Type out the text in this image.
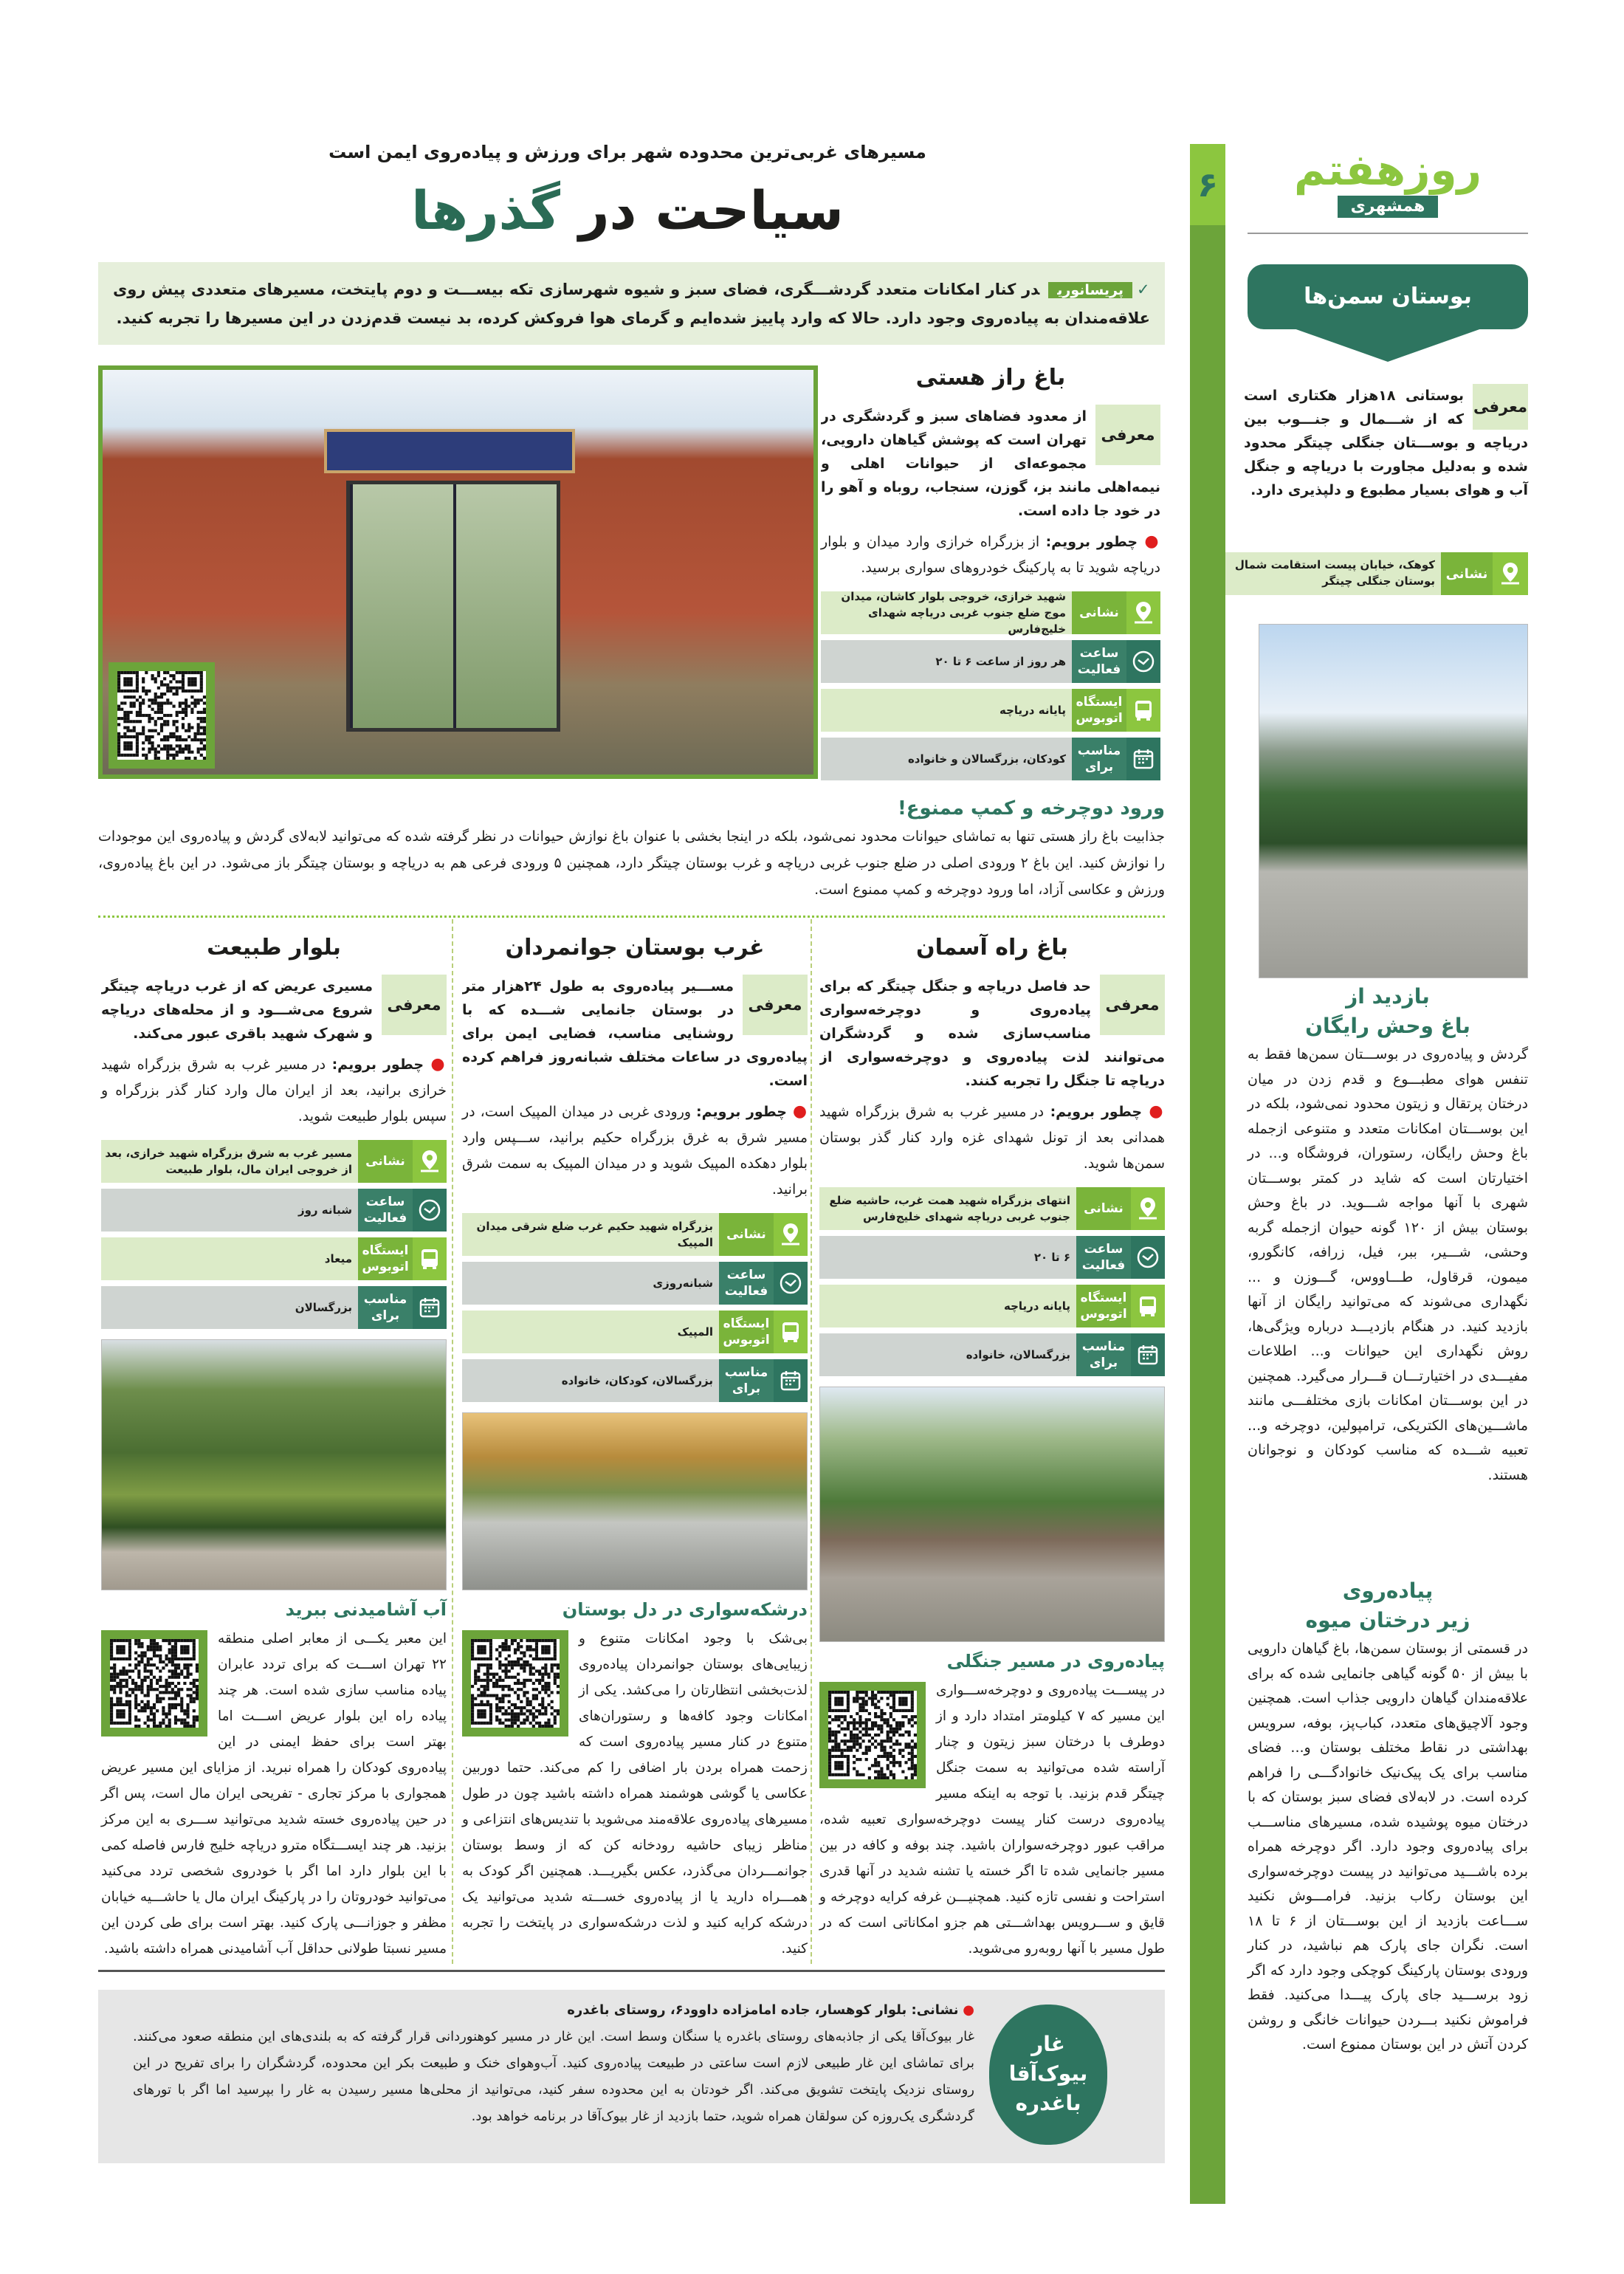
۶	روزهفتم
همشهری
بوستان سمن‌ها
معرفی
بوستانی ۱۸هزار هکتاری است که از شـــمال و جنـــوب بین دریاچه و بوســـتان جنگلی چیتگر محدود شده و به‌دلیل مجاورت با دریاچه و جنگل آب و هوای بسیار مطبوع و دلپذیری دارد.
نشانی
کوهک، خیابان پیست استقامت شمال بوستان جنگلی چیتگر
بازدید از
باغ وحش رایگان
گردش و پیاده‌روی در بوســـتان سمن‌ها فقط به تنفس هوای مطبـــوع و قدم زدن در میان درختان پرتقال و زیتون محدود نمی‌شود، بلکه در این بوســـتان امکانات متعدد و متنوعی ازجمله باغ وحش رایگان، رستوران، فروشگاه و... در اختیارتان است که شاید در کمتر بوســـتان شهری با آنها مواجه شـــوید. در باغ وحش بوستان بیش از ۱۲۰ گونه حیوان ازجمله گربه وحشی، شـــیر، ببر، فیل، زرافه، کانگورو، میمون، قرقاول، طـــاووس، گـــوزن و ... نگهداری می‌شوند که می‌توانید رایگان از آنها بازدید کنید. در هنگام بازدیـــد درباره ویژگی‌ها، روش نگهداری این حیوانات و... اطلاعات مفیـــدی در اختیارتـــان قـــرار می‌گیرد. همچنین در این بوســـتان امکانات بازی مختلفـــی مانند ماشـــین‌های الکتریکی، ترامپولین، دوچرخه و... تعبیه شـــده که مناسب کودکان و نوجوانان هستند.
پیاده‌روی
زیر درختان میوه
در قسمتی از بوستان سمن‌ها، باغ گیاهان دارویی با بیش از ۵۰ گونه گیاهی جانمایی شده که برای علاقه‌مندان گیاهان دارویی جذاب است. همچنین وجود آلاچیق‌های متعدد، کباب‌پز، بوفه، سرویس بهداشتی در نقاط مختلف بوستان و... فضای مناسب برای یک پیک‌نیک خانوادگـــی را فراهم کرده است. در لابه‌لای فضای سبز بوستان که با درختان میوه پوشیده شده، مسیرهای مناســـب برای پیاده‌روی وجود دارد. اگر دوچرخه همراه برده باشـــید می‌توانید در پیست دوچرخه‌سواری این بوستان رکاب بزنید. فرامـــوش نکنید ســـاعت بازدید از این بوســـتان از ۶ تا ۱۸ است. نگران جای پارک هم نباشید، در کنار ورودی بوستان پارکینگ کوچکی وجود دارد که اگر زود برســـید جای پارک پیـــدا می‌کنید. فقط فراموش نکنید بـــردن حیوانات خانگی و روشن کردن آتش در این بوستان ممنوع است.
مسیرهای غربی‌ترین محدوده شهر برای ورزش و پیاده‌روی ایمن است
سیاحت در گذرها
✓پریسانوریدر کنار امکانات متعدد گردشـــگری، فضای سبز و شیوه شهرسازی تکه بیســـت و دوم پایتخت، مسیرهای متعددی پیش روی علاقه‌مندان به پیاده‌روی وجود دارد. حالا که وارد پاییز شده‌ایم و گرمای هوا فروکش کرده، بد نیست قدم‌زدن در این مسیرها را تجربه کنید.
باغ راز هستی
معرفی
از معدود فضاهای سبز و گردشگری در تهران است که پوشش گیاهان دارویی، مجموعه‌ای از حیوانات اهلی و نیمه‌اهلی مانند بز، گوزن، سنجاب، روباه و آهو را در خود جا داده است.
● چطور برویم: از بزرگراه خرازی وارد میدان و بلوار دریاچه شوید تا به پارکینگ خودروهای سواری برسید.
نشانی
شهید خرازی، خروجی بلوار کاشان، میدان موج ضلع جنوب غربی دریاچه شهدای خلیج‌فارس
ساعت فعالیت
هر روز از ساعت ۶ تا ۲۰
ایستگاه اتوبوس
پایانه دریاچه
مناسب برای
کودکان، بزرگسالان و خانواده
ورود دوچرخه و کمپ ممنوع!
جذابیت باغ راز هستی تنها به تماشای حیوانات محدود نمی‌شود، بلکه در اینجا بخشی با عنوان باغ نوازش حیوانات در نظر گرفته شده که می‌توانید لابه‌لای گردش و پیاده‌روی این موجودات را نوازش کنید. این باغ ۲ ورودی اصلی در ضلع جنوب غربی دریاچه و غرب بوستان چیتگر دارد، همچنین ۵ ورودی فرعی هم به دریاچه و بوستان چیتگر باز می‌شود. در این باغ پیاده‌روی، ورزش و عکاسی آزاد، اما ورود دوچرخه و کمپ ممنوع است.
باغ راه آسمان
معرفی
حد فاصل دریاچه و جنگل چیتگر که برای پیاده‌روی و دوچرخه‌سواری مناسب‌سازی شده و گردشگران می‌توانند لذت پیاده‌روی و دوچرخه‌سواری از دریاچه تا جنگل را تجربه کنند.
● چطور برویم: در مسیر غرب به شرق بزرگراه شهید همدانی بعد از تونل شهدای غزه وارد کنار گذر بوستان سمن‌ها شوید.
نشانی
انتهای بزرگراه شهید همت غرب، حاشیه ضلع جنوب غربی دریاچه شهدای خلیج‌فارس
ساعت فعالیت
۶ تا ۲۰
ایستگاه اتوبوس
پایانه دریاچه
مناسب برای
بزرگسالان، خانواده
پیاده‌روی در مسیر جنگلی
در پیســـت پیاده‌روی و دوچرخه‌ســـواری این مسیر که ۷ کیلومتر امتداد دارد و از دوطرف با درختان سبز زیتون و چنار آراسته شده می‌توانید به سمت جنگل چیتگر قدم بزنید. با توجه به اینکه مسیر پیاده‌روی درست کنار پیست دوچرخه‌سواری تعبیه شده، مراقب عبور دوچرخه‌سواران باشید. چند بوفه و کافه در بین مسیر جانمایی شده تا اگر خسته یا تشنه شدید در آنها قدری استراحت و نفسی تازه کنید. همچنیـــن غرفه کرایه دوچرخه و قایق و ســـرویس بهداشـــتی هم جزو امکاناتی است که در طول مسیر با آنها روبه‌رو می‌شوید.
غرب بوستان جوانمردان
معرفی
مســـیر پیاده‌روی به طول ۲۴هزار متر در بوستان جانمایی شـــده که با روشنایی مناسب، فضایی ایمن برای پیاده‌روی در ساعات مختلف شبانه‌روز فراهم کرده است.
● چطور برویم: ورودی غربی در میدان المپیک است، در مسیر شرق به غرق بزرگراه حکیم برانید، ســـپس وارد بلوار دهکده المپیک شوید و در میدان المپیک به سمت شرق برانید.
نشانی
بزرگراه شهید حکیم غرب ضلع شرقی میدان المپیک
ساعت فعالیت
شبانه‌روزی
ایستگاه اتوبوس
المپیک
مناسب برای
بزرگسالان، کودکان، خانواده
درشکه‌سواری در دل بوستان
بی‌شک با وجود امکانات متنوع و زیبایی‌های بوستان جوانمردان پیاده‌روی لذت‌بخشی انتظارتان را می‌کشد. یکی از امکانات وجود کافه‌ها و رستوران‌های متنوع در کنار مسیر پیاده‌روی است که زحمت همراه بردن بار اضافی را کم می‌کند. حتما دوربین عکاسی یا گوشی هوشمند همراه داشته باشید چون در طول مسیرهای پیاده‌روی علاقه‌مند می‌شوید با تندیس‌های انتزاعی و مناظر زیبای حاشیه رودخانه کن که از وسط بوستان جوانمـــردان می‌گذرد، عکس بگیریـــد. همچنین اگر کودک به همـــراه دارید یا از پیاده‌روی خســـته شدید می‌توانید یک درشکه کرایه کنید و لذت درشکه‌سواری در پایتخت را تجربه کنید.
بلوار طبیعت
معرفی
مسیری عریض که از غرب دریاچه چیتگر شروع می‌شـــود و از محله‌های دریاچه و شهرک شهید باقری عبور می‌کند.
● چطور برویم: در مسیر غرب به شرق بزرگراه شهید خرازی برانید، بعد از ایران مال وارد کنار گذر بزرگراه و سپس بلوار طبیعت شوید.
نشانی
مسیر غرب به شرق بزرگراه شهید خرازی، بعد از خروجی ایران مال، بلوار طبیعت
ساعت فعالیت
شبانه روز
ایستگاه اتوبوس
میعاد
مناسب برای
بزرگسالان
آب آشامیدنی ببرید
این معبر یکـــی از معابر اصلی منطقه ۲۲ تهران اســـت که برای تردد عابران پیاده مناسب سازی شده است. هر چند پیاده راه این بلوار عریض اســـت اما بهتر است برای حفظ ایمنی در این پیاده‌روی کودکان را همراه نبرید. از مزایای این مسیر عریض همجواری با مرکز تجاری - تفریحی ایران مال است، پس اگر در حین پیاده‌روی خسته شدید می‌توانید ســـری به این مرکز بزنید. هر چند ایســـتگاه مترو دریاچه خلیج فارس فاصله کمی با این بلوار دارد اما اگر با خودروی شخصی تردد می‌کنید می‌توانید خودروتان را در پارکینگ ایران مال یا حاشـــیه خیابان مظفر و جوزانـــی پارک کنید. بهتر است برای طی کردن این مسیر نسبتا طولانی حداقل آب آشامیدنی همراه داشته باشید.
غار
بیوک‌آقا
باغدره
● نشانی: بلوار کوهسار، جاده امامزاده داوود۶، روستای باغدره
غار بیوک‌آقا یکی از جاذبه‌های روستای باغدره یا سنگان وسط است. این غار در مسیر کوهنوردانی قرار گرفته که به بلندی‌های این منطقه صعود می‌کنند. برای تماشای این غار طبیعی لازم است ساعتی در طبیعت پیاده‌روی کنید. آب‌وهوای خنک و طبیعت بکر این محدوده، گردشگران را برای تفریح در این روستای نزدیک پایتخت تشویق می‌کند. اگر خودتان به این محدوده سفر کنید، می‌توانید از محلی‌ها مسیر رسیدن به غار را بپرسید اما اگر با تورهای گردشگری یک‌روزه کن سولقان همراه شوید، حتما بازدید از غار بیوک‌آقا در برنامه خواهد بود.
